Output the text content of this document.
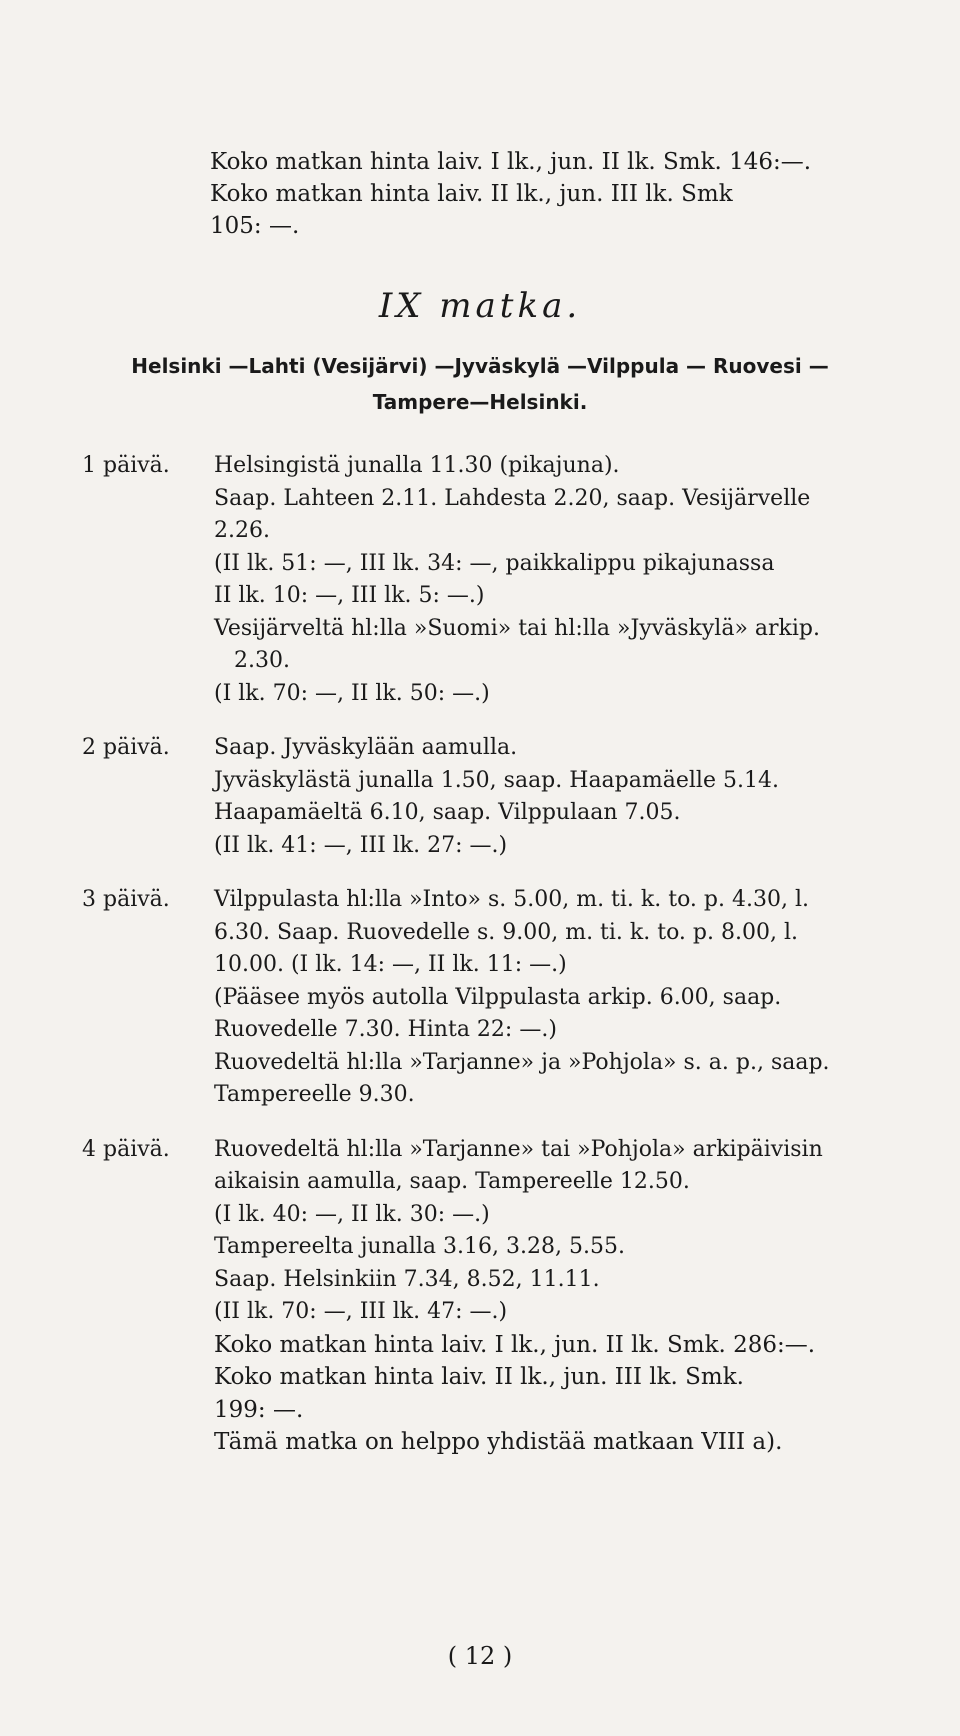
Koko matkan hinta laiv. I lk., jun. II lk. Smk. 146:—.

Koko matkan hinta laiv. II lk., jun. III lk. Smk

105: —.

IX matka.
Helsinki —Lahti (Vesijärvi) —Jyväskylä —Vilppula — Ruovesi —
Tampere—Helsinki.
1 päivä.	Helsingistä junalla 11.30 (pikajuna).

Saap. Lahteen 2.11. Lahdesta 2.20, saap. Vesijärvelle

2.26.

(II lk. 51: —, III lk. 34: —, paikkalippu pikajunassa

II lk. 10: —, III lk. 5: —.)

Vesijärveltä hl:lla »Suomi» tai hl:lla »Jyväskylä» arkip.

2.30.

(I lk. 70: —, II lk. 50: —.)

2 päivä.	Saap. Jyväskylään aamulla.

Jyväskylästä junalla 1.50, saap. Haapamäelle 5.14.

Haapamäeltä 6.10, saap. Vilppulaan 7.05.

(II lk. 41: —, III lk. 27: —.)

3 päivä.	Vilppulasta hl:lla »Into» s. 5.00, m. ti. k. to. p. 4.30, l.

6.30. Saap. Ruovedelle s. 9.00, m. ti. k. to. p. 8.00, l.

10.00. (I lk. 14: —, II lk. 11: —.)

(Pääsee myös autolla Vilppulasta arkip. 6.00, saap.

Ruovedelle 7.30. Hinta 22: —.)

Ruovedeltä hl:lla »Tarjanne» ja »Pohjola» s. a. p., saap.

Tampereelle 9.30.

4 päivä.	Ruovedeltä hl:lla »Tarjanne» tai »Pohjola» arkipäivisin

aikaisin aamulla, saap. Tampereelle 12.50.

(I lk. 40: —, II lk. 30: —.)

Tampereelta junalla 3.16, 3.28, 5.55.

Saap. Helsinkiin 7.34, 8.52, 11.11.

(II lk. 70: —, III lk. 47: —.)

Koko matkan hinta laiv. I lk., jun. II lk. Smk. 286:—.

Koko matkan hinta laiv. II lk., jun. III lk. Smk.

199: —.

Tämä matka on helppo yhdistää matkaan VIII a).

( 12 )
